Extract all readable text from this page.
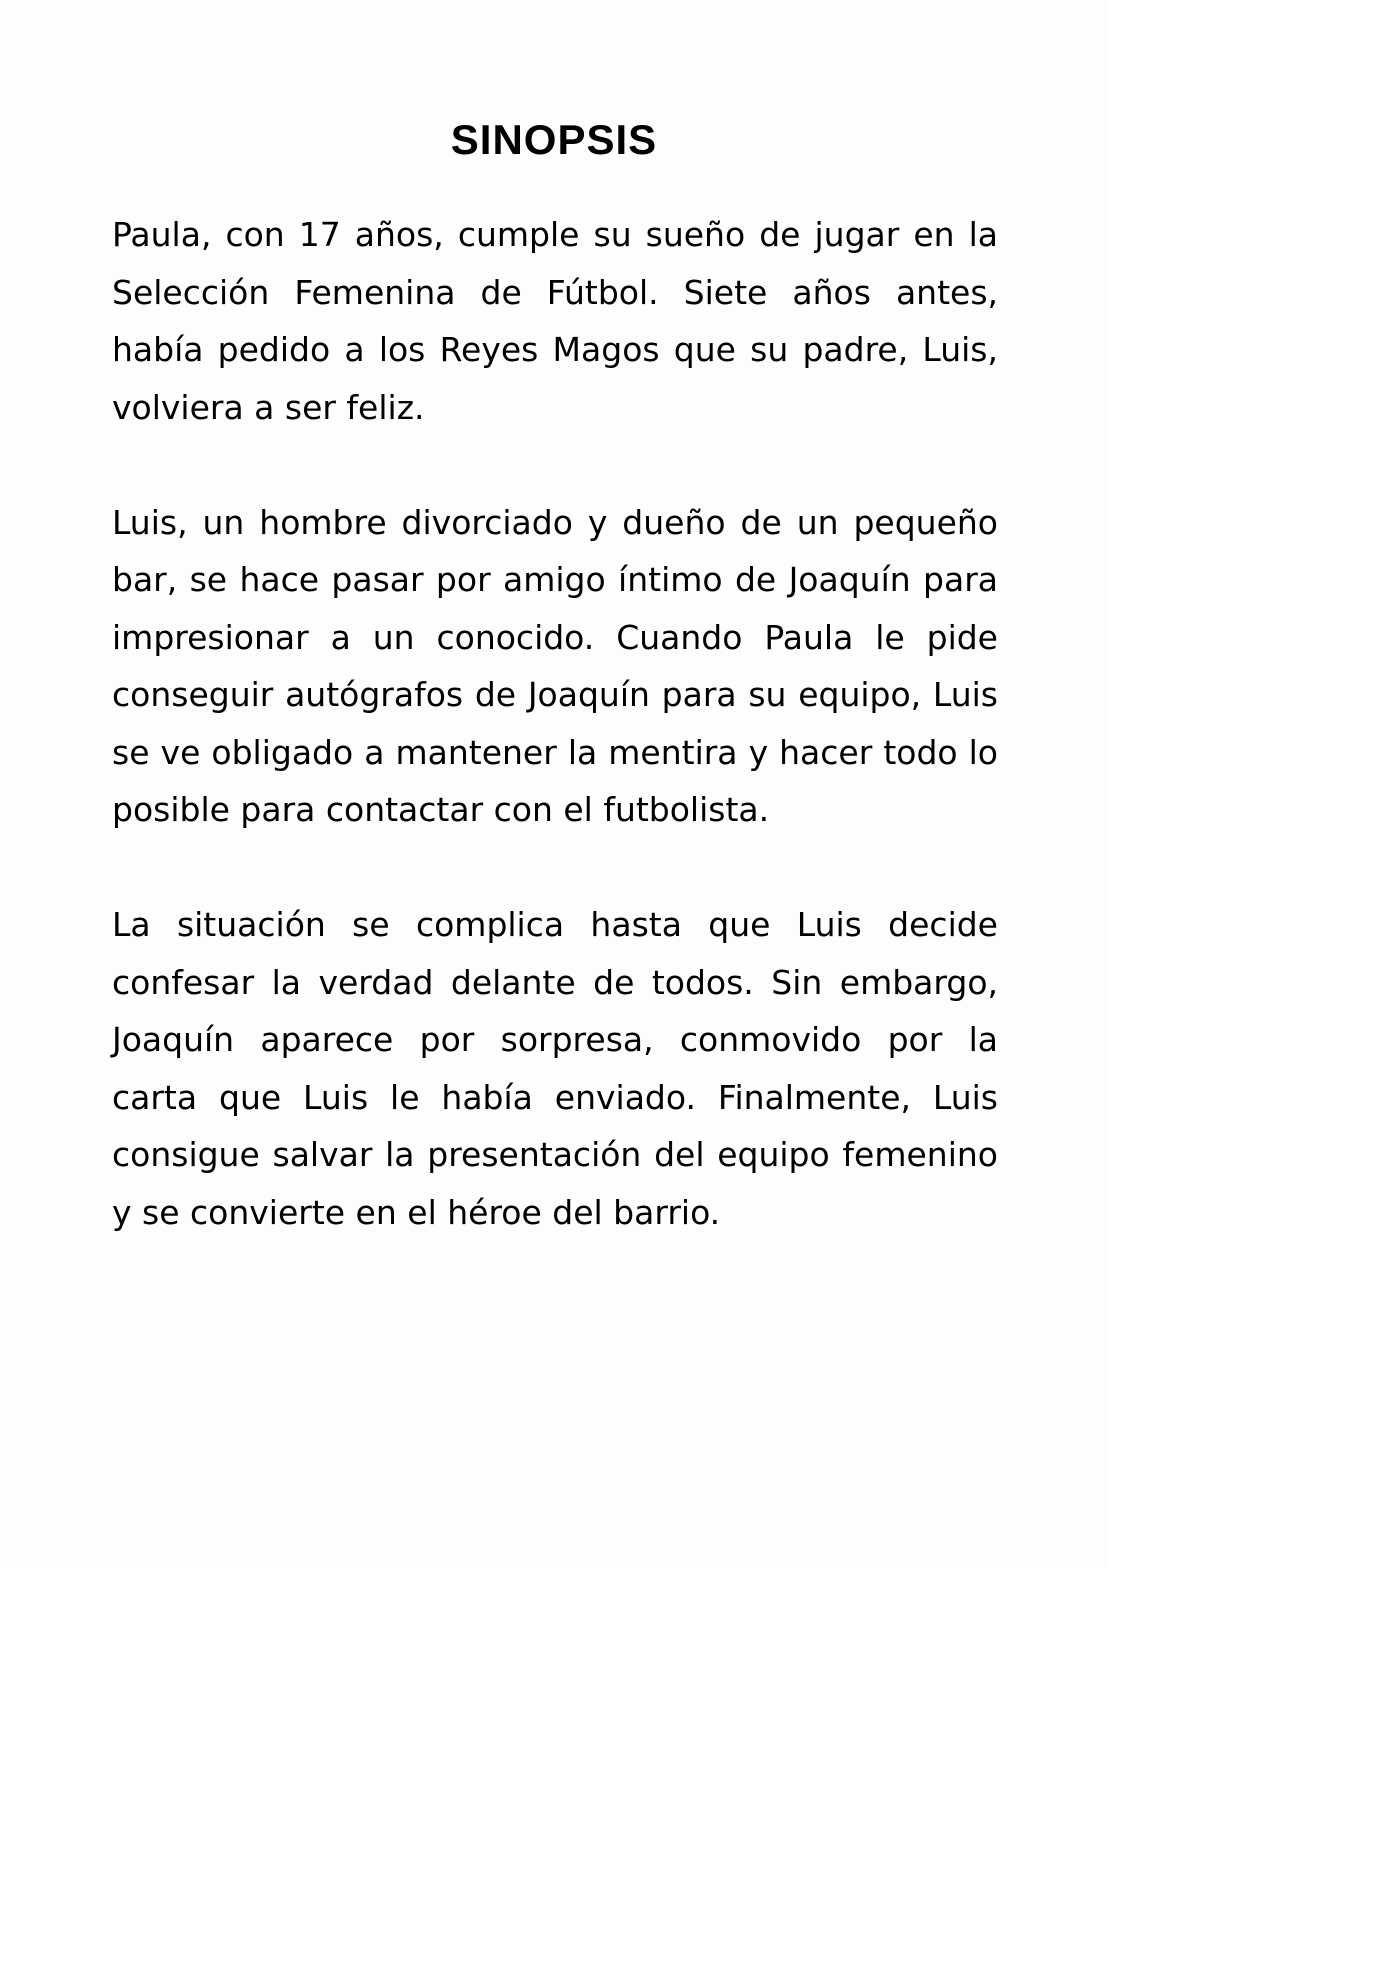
SINOPSIS

Paula, con 17 años, cumple su sueño de jugar en la Selección Femenina de Fútbol. Siete años antes, había pedido a los Reyes Magos que su padre, Luis, volviera a ser feliz.

Luis, un hombre divorciado y dueño de un pequeño bar, se hace pasar por amigo íntimo de Joaquín para impresionar a un conocido. Cuando Paula le pide conseguir autógrafos de Joaquín para su equipo, Luis se ve obligado a mantener la mentira y hacer todo lo posible para contactar con el futbolista.

La situación se complica hasta que Luis decide confesar la verdad delante de todos. Sin embargo, Joaquín aparece por sorpresa, conmovido por la carta que Luis le había enviado. Finalmente, Luis consigue salvar la presentación del equipo femenino y se convierte en el héroe del barrio.
